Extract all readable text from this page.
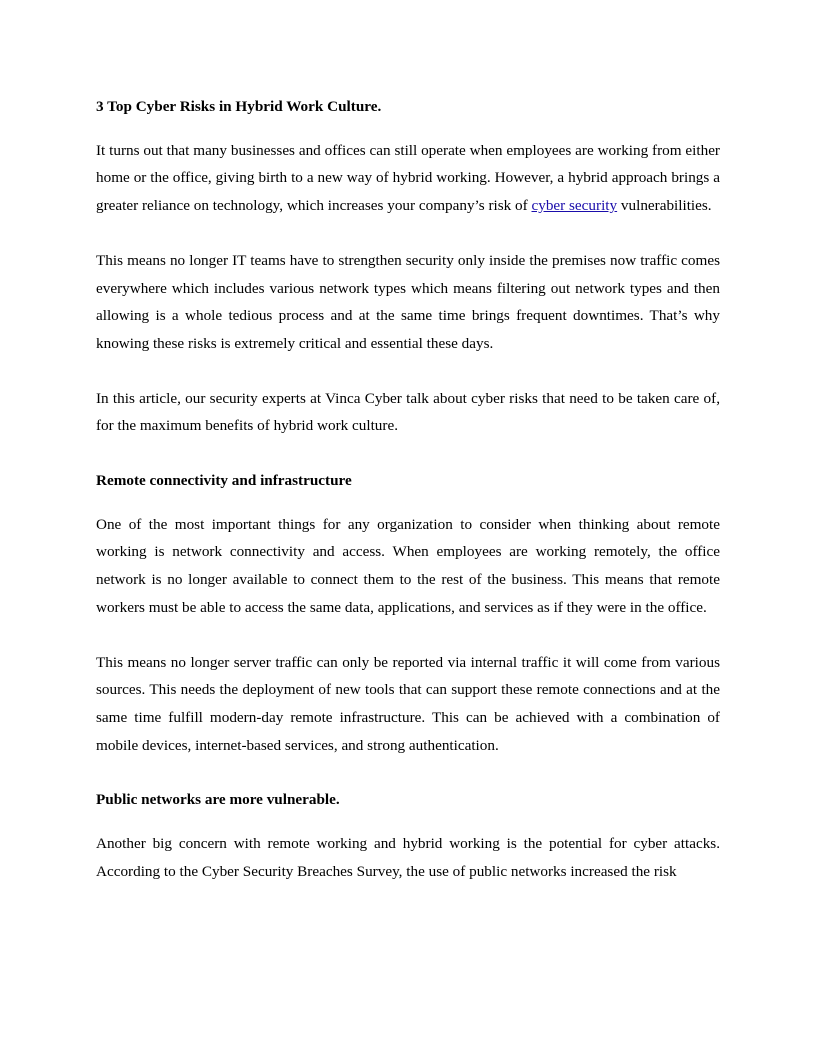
3 Top Cyber Risks in Hybrid Work Culture.

It turns out that many businesses and offices can still operate when employees are working from either home or the office, giving birth to a new way of hybrid working. However, a hybrid approach brings a greater reliance on technology, which increases your company’s risk of cyber security vulnerabilities.

This means no longer IT teams have to strengthen security only inside the premises now traffic comes everywhere which includes various network types which means filtering out network types and then allowing is a whole tedious process and at the same time brings frequent downtimes. That’s why knowing these risks is extremely critical and essential these days.

In this article, our security experts at Vinca Cyber talk about cyber risks that need to be taken care of, for the maximum benefits of hybrid work culture.

Remote connectivity and infrastructure

One of the most important things for any organization to consider when thinking about remote working is network connectivity and access. When employees are working remotely, the office network is no longer available to connect them to the rest of the business. This means that remote workers must be able to access the same data, applications, and services as if they were in the office.

This means no longer server traffic can only be reported via internal traffic it will come from various sources. This needs the deployment of new tools that can support these remote connections and at the same time fulfill modern-day remote infrastructure. This can be achieved with a combination of mobile devices, internet-based services, and strong authentication.

Public networks are more vulnerable.

Another big concern with remote working and hybrid working is the potential for cyber attacks. According to the Cyber Security Breaches Survey, the use of public networks increased the risk
